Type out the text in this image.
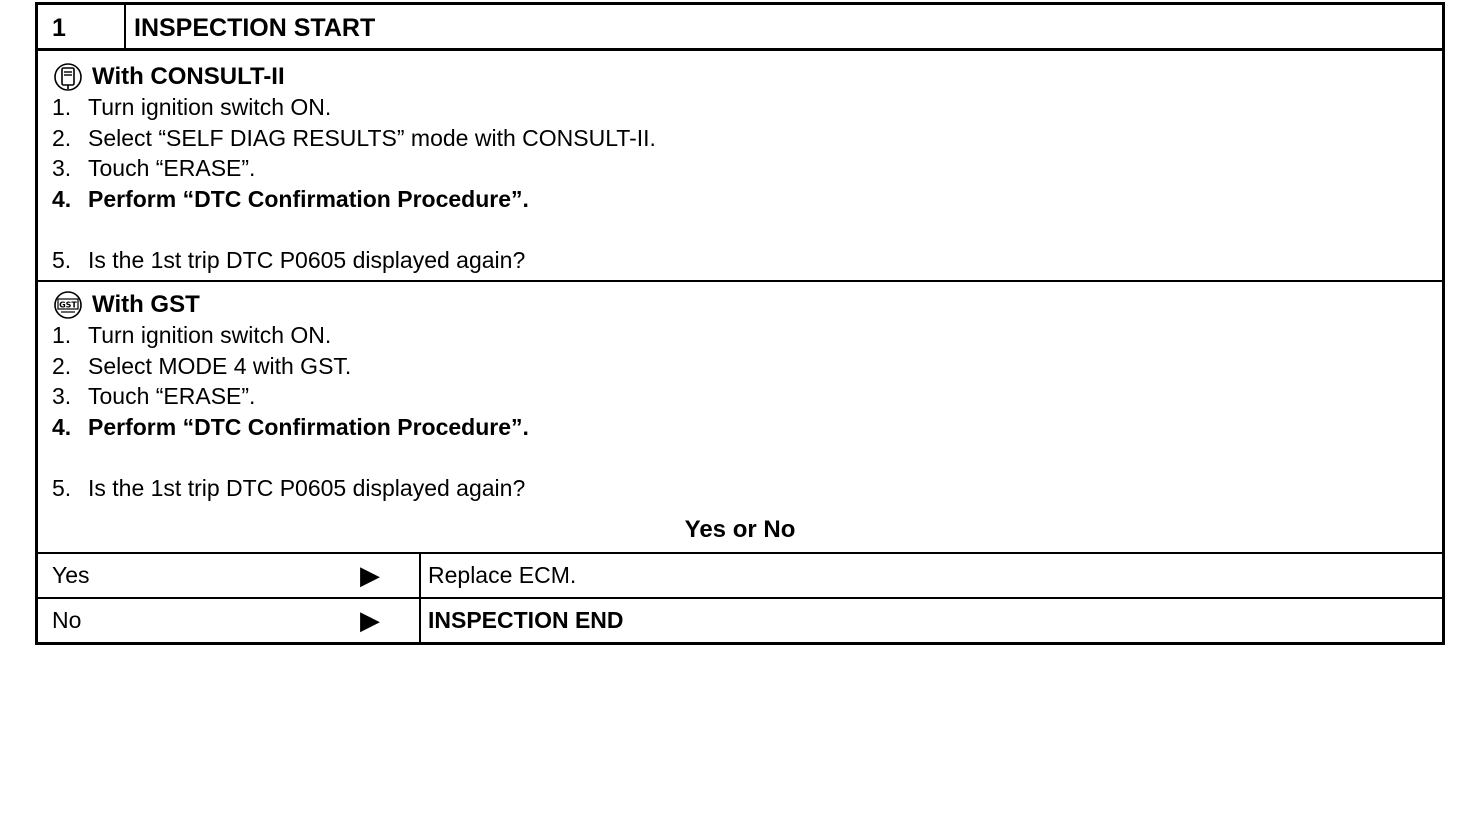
1	INSPECTION START
With CONSULT-II
1. Turn ignition switch ON.
2. Select “SELF DIAG RESULTS” mode with CONSULT-II.
3. Touch “ERASE”.
4. Perform “DTC Confirmation Procedure”.
5. Is the 1st trip DTC P0605 displayed again?
GST With GST
1. Turn ignition switch ON.
2. Select MODE 4 with GST.
3. Touch “ERASE”.
4. Perform “DTC Confirmation Procedure”.
5. Is the 1st trip DTC P0605 displayed again?
Yes or No
Yes	▶ Replace ECM.
No	▶ INSPECTION END
